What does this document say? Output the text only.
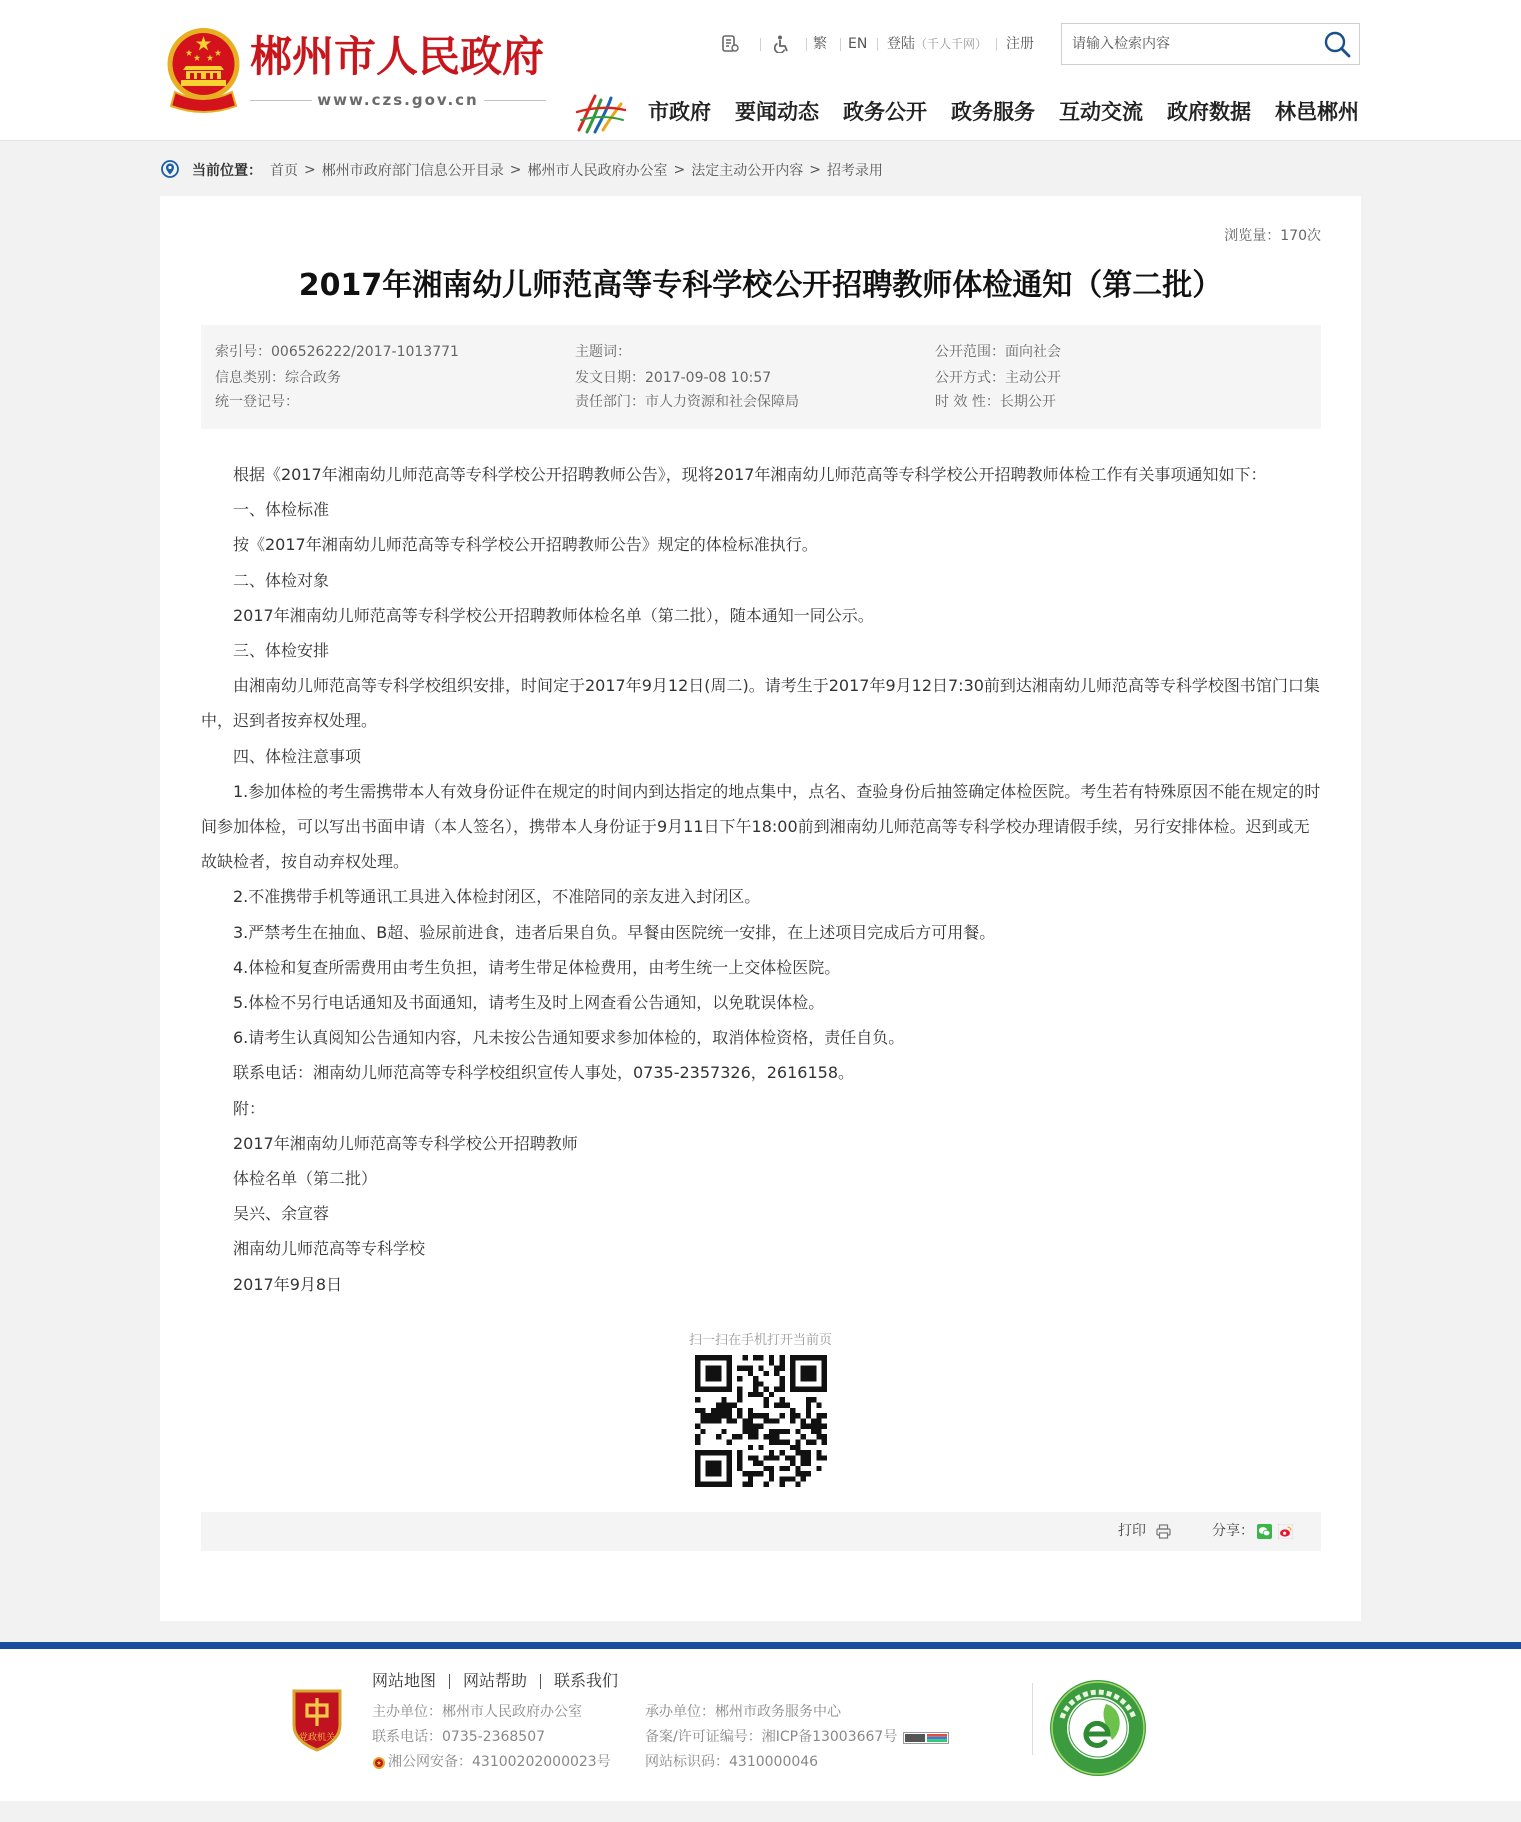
郴州市人民政府
www.czs.gov.cn
繁 EN 登陆（千人千网） 注册
请输入检索内容
市政府 要闻动态 政务公开 政务服务 互动交流 政府数据 林邑郴州
当前位置： 首页 > 郴州市政府部门信息公开目录 > 郴州市人民政府办公室 > 法定主动公开内容 > 招考录用
浏览量：170次
2017年湘南幼儿师范高等专科学校公开招聘教师体检通知（第二批）
索引号：006526222/2017-1013771	主题词：	公开范围：面向社会
信息类别：综合政务	发文日期：2017-09-08 10:57	公开方式：主动公开
统一登记号：	责任部门：市人力资源和社会保障局	时 效 性：长期公开

根据《2017年湘南幼儿师范高等专科学校公开招聘教师公告》，现将2017年湘南幼儿师范高等专科学校公开招聘教师体检工作有关事项通知如下：

一、体检标准

按《2017年湘南幼儿师范高等专科学校公开招聘教师公告》规定的体检标准执行。

二、体检对象

2017年湘南幼儿师范高等专科学校公开招聘教师体检名单（第二批），随本通知一同公示。

三、体检安排

由湘南幼儿师范高等专科学校组织安排，时间定于2017年9月12日(周二)。请考生于2017年9月12日7:30前到达湘南幼儿师范高等专科学校图书馆门口集中，迟到者按弃权处理。

四、体检注意事项

1.参加体检的考生需携带本人有效身份证件在规定的时间内到达指定的地点集中，点名、查验身份后抽签确定体检医院。考生若有特殊原因不能在规定的时间参加体检，可以写出书面申请（本人签名），携带本人身份证于9月11日下午18:00前到湘南幼儿师范高等专科学校办理请假手续，另行安排体检。迟到或无故缺检者，按自动弃权处理。

2.不准携带手机等通讯工具进入体检封闭区，不准陪同的亲友进入封闭区。

3.严禁考生在抽血、B超、验尿前进食，违者后果自负。早餐由医院统一安排，在上述项目完成后方可用餐。

4.体检和复查所需费用由考生负担，请考生带足体检费用，由考生统一上交体检医院。

5.体检不另行电话通知及书面通知，请考生及时上网查看公告通知，以免耽误体检。

6.请考生认真阅知公告通知内容，凡未按公告通知要求参加体检的，取消体检资格，责任自负。

联系电话：湘南幼儿师范高等专科学校组织宣传人事处，0735-2357326，2616158。

附：

2017年湘南幼儿师范高等专科学校公开招聘教师

体检名单（第二批）

吴兴、余宣蓉

湘南幼儿师范高等专科学校

2017年9月8日

扫一扫在手机打开当前页
打印	分享：
党政机关
网站地图 网站帮助 联系我们
主办单位：郴州市人民政府办公室
联系电话：0735-2368507
湘公网安备：43100202000023号
承办单位：郴州市政务服务中心
备案/许可证编号：湘ICP备13003667号
网站标识码：4310000046
